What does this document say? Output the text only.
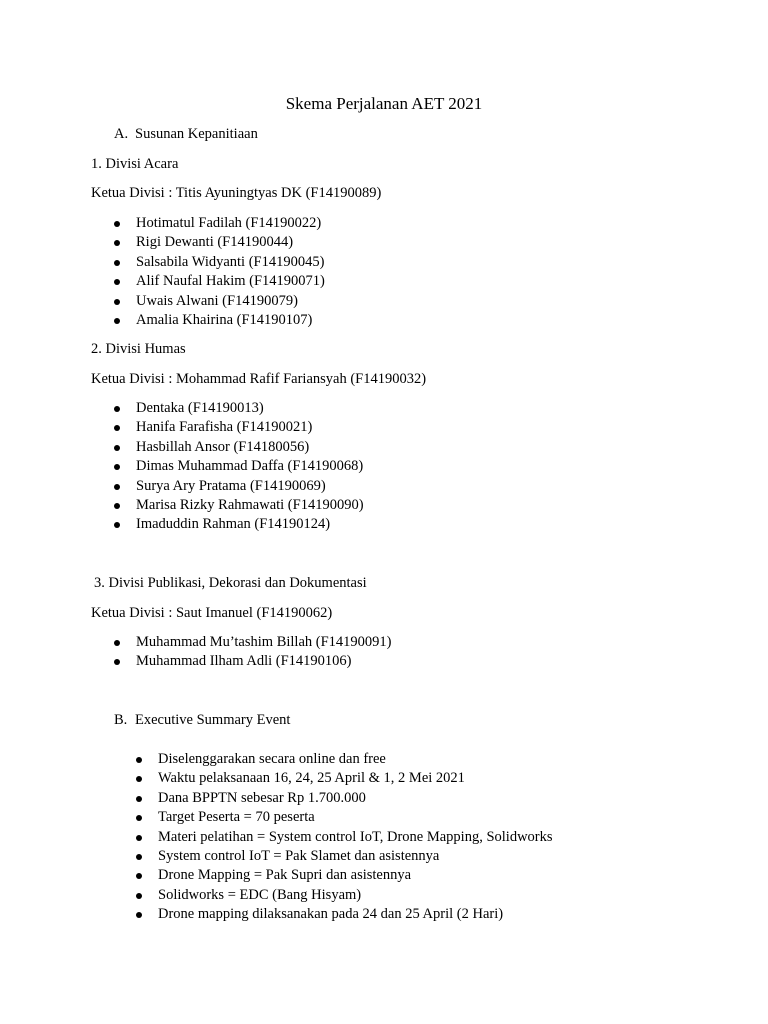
Skema Perjalanan AET 2021
A. Susunan Kepanitiaan
1. Divisi Acara
Ketua Divisi : Titis Ayuningtyas DK (F14190089)
Hotimatul Fadilah (F14190022)
Rigi Dewanti (F14190044)
Salsabila Widyanti (F14190045)
Alif Naufal Hakim (F14190071)
Uwais Alwani (F14190079)
Amalia Khairina (F14190107)
2. Divisi Humas
Ketua Divisi : Mohammad Rafif Fariansyah (F14190032)
Dentaka (F14190013)
Hanifa Farafisha (F14190021)
Hasbillah Ansor (F14180056)
Dimas Muhammad Daffa (F14190068)
Surya Ary Pratama (F14190069)
Marisa Rizky Rahmawati (F14190090)
Imaduddin Rahman (F14190124)
3. Divisi Publikasi, Dekorasi dan Dokumentasi
Ketua Divisi : Saut Imanuel (F14190062)
Muhammad Mu’tashim Billah (F14190091)
Muhammad Ilham Adli (F14190106)
B. Executive Summary Event
Diselenggarakan secara online dan free
Waktu pelaksanaan 16, 24, 25 April & 1, 2 Mei 2021
Dana BPPTN sebesar Rp 1.700.000
Target Peserta = 70 peserta
Materi pelatihan = System control IoT, Drone Mapping, Solidworks
System control IoT = Pak Slamet dan asistennya
Drone Mapping = Pak Supri dan asistennya
Solidworks = EDC (Bang Hisyam)
Drone mapping dilaksanakan pada 24 dan 25 April (2 Hari)
